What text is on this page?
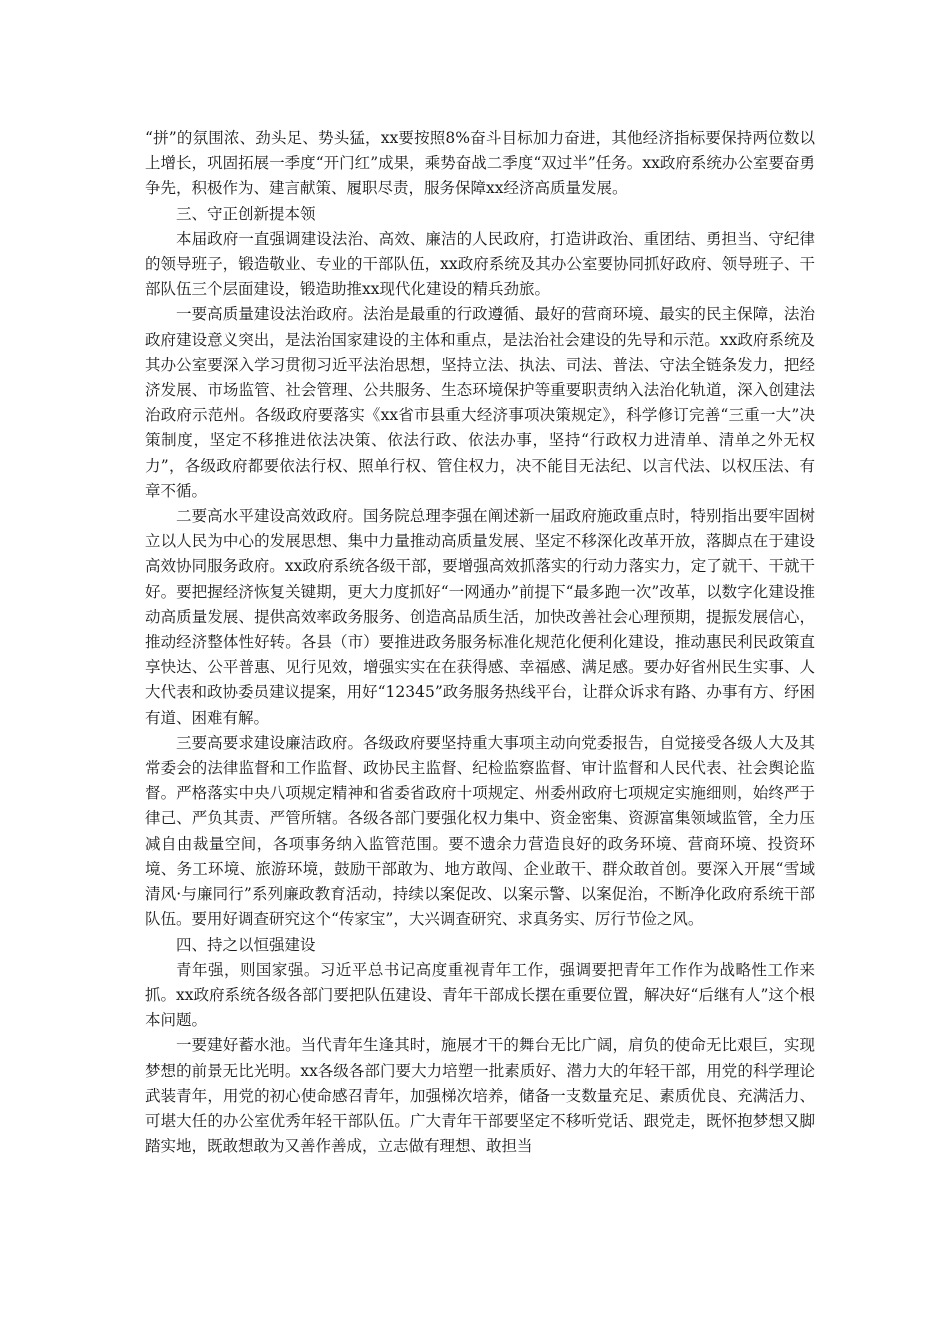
“拼”的氛围浓、劲头足、势头猛，xx要按照8%奋斗目标加力奋进，其他经济指标要保持两位数以上增长，巩固拓展一季度“开门红”成果，乘势奋战二季度“双过半”任务。xx政府系统办公室要奋勇争先，积极作为、建言献策、履职尽责，服务保障xx经济高质量发展。

三、守正创新提本领

本届政府一直强调建设法治、高效、廉洁的人民政府，打造讲政治、重团结、勇担当、守纪律的领导班子，锻造敬业、专业的干部队伍，xx政府系统及其办公室要协同抓好政府、领导班子、干部队伍三个层面建设，锻造助推xx现代化建设的精兵劲旅。

一要高质量建设法治政府。法治是最重的行政遵循、最好的营商环境、最实的民主保障，法治政府建设意义突出，是法治国家建设的主体和重点，是法治社会建设的先导和示范。xx政府系统及其办公室要深入学习贯彻习近平法治思想，坚持立法、执法、司法、普法、守法全链条发力，把经济发展、市场监管、社会管理、公共服务、生态环境保护等重要职责纳入法治化轨道，深入创建法治政府示范州。各级政府要落实《xx省市县重大经济事项决策规定》，科学修订完善“三重一大”决策制度，坚定不移推进依法决策、依法行政、依法办事，坚持“行政权力进清单、清单之外无权力”，各级政府都要依法行权、照单行权、管住权力，决不能目无法纪、以言代法、以权压法、有章不循。

二要高水平建设高效政府。国务院总理李强在阐述新一届政府施政重点时，特别指出要牢固树立以人民为中心的发展思想、集中力量推动高质量发展、坚定不移深化改革开放，落脚点在于建设高效协同服务政府。xx政府系统各级干部，要增强高效抓落实的行动力落实力，定了就干、干就干好。要把握经济恢复关键期，更大力度抓好“一网通办”前提下“最多跑一次”改革，以数字化建设推动高质量发展、提供高效率政务服务、创造高品质生活，加快改善社会心理预期，提振发展信心，推动经济整体性好转。各县（市）要推进政务服务标准化规范化便利化建设，推动惠民利民政策直享快达、公平普惠、见行见效，增强实实在在获得感、幸福感、满足感。要办好省州民生实事、人大代表和政协委员建议提案，用好“12345”政务服务热线平台，让群众诉求有路、办事有方、纾困有道、困难有解。

三要高要求建设廉洁政府。各级政府要坚持重大事项主动向党委报告，自觉接受各级人大及其常委会的法律监督和工作监督、政协民主监督、纪检监察监督、审计监督和人民代表、社会舆论监督。严格落实中央八项规定精神和省委省政府十项规定、州委州政府七项规定实施细则，始终严于律己、严负其责、严管所辖。各级各部门要强化权力集中、资金密集、资源富集领域监管，全力压减自由裁量空间，各项事务纳入监管范围。要不遗余力营造良好的政务环境、营商环境、投资环境、务工环境、旅游环境，鼓励干部敢为、地方敢闯、企业敢干、群众敢首创。要深入开展“雪域清风·与廉同行”系列廉政教育活动，持续以案促改、以案示警、以案促治，不断净化政府系统干部队伍。要用好调查研究这个“传家宝”，大兴调查研究、求真务实、厉行节俭之风。

四、持之以恒强建设

青年强，则国家强。习近平总书记高度重视青年工作，强调要把青年工作作为战略性工作来抓。xx政府系统各级各部门要把队伍建设、青年干部成长摆在重要位置，解决好“后继有人”这个根本问题。

一要建好蓄水池。当代青年生逢其时，施展才干的舞台无比广阔，肩负的使命无比艰巨，实现梦想的前景无比光明。xx各级各部门要大力培塑一批素质好、潜力大的年轻干部，用党的科学理论武装青年，用党的初心使命感召青年，加强梯次培养，储备一支数量充足、素质优良、充满活力、可堪大任的办公室优秀年轻干部队伍。广大青年干部要坚定不移听党话、跟党走，既怀抱梦想又脚踏实地，既敢想敢为又善作善成，立志做有理想、敢担当
